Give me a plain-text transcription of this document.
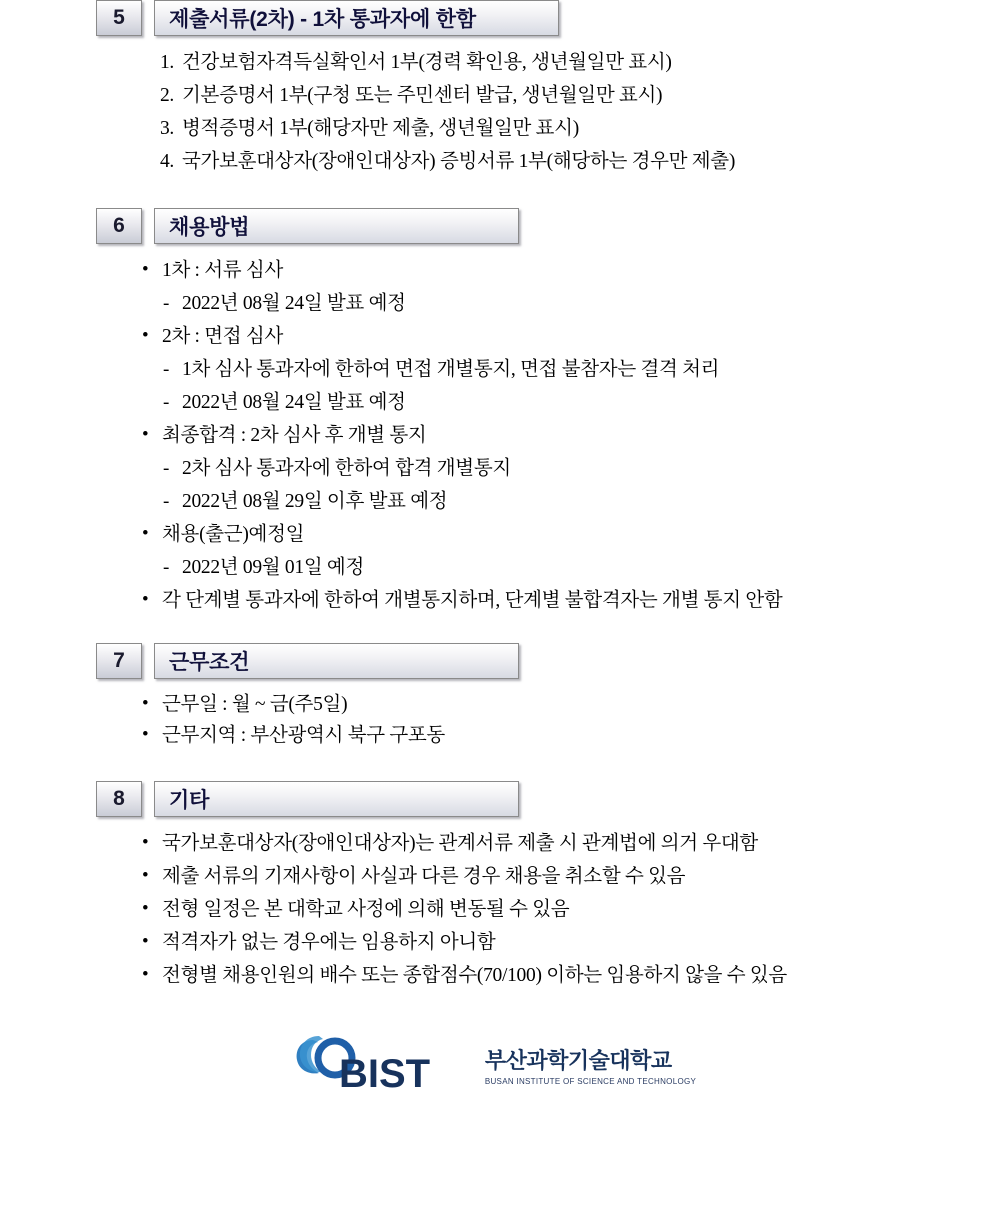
5	제출서류(2차) - 1차 통과자에 한함
1. 건강보험자격득실확인서 1부(경력 확인용, 생년월일만 표시)
2. 기본증명서 1부(구청 또는 주민센터 발급, 생년월일만 표시)
3. 병적증명서 1부(해당자만 제출, 생년월일만 표시)
4. 국가보훈대상자(장애인대상자) 증빙서류 1부(해당하는 경우만 제출)
6	채용방법
• 1차 : 서류 심사
- 2022년 08월 24일 발표 예정
• 2차 : 면접 심사
- 1차 심사 통과자에 한하여 면접 개별통지, 면접 불참자는 결격 처리
- 2022년 08월 24일 발표 예정
• 최종합격 : 2차 심사 후 개별 통지
- 2차 심사 통과자에 한하여 합격 개별통지
- 2022년 08월 29일 이후 발표 예정
• 채용(출근)예정일
- 2022년 09월 01일 예정
• 각 단계별 통과자에 한하여 개별통지하며, 단계별 불합격자는 개별 통지 안함
7	근무조건
• 근무일 : 월 ~ 금(주5일)
• 근무지역 : 부산광역시 북구 구포동
8	기타
• 국가보훈대상자(장애인대상자)는 관계서류 제출 시 관계법에 의거 우대함
• 제출 서류의 기재사항이 사실과 다른 경우 채용을 취소할 수 있음
• 전형 일정은 본 대학교 사정에 의해 변동될 수 있음
• 적격자가 없는 경우에는 임용하지 아니함
• 전형별 채용인원의 배수 또는 종합점수(70/100) 이하는 임용하지 않을 수 있음
BIST 부산과학기술대학교
BUSAN INSTITUTE OF SCIENCE AND TECHNOLOGY
